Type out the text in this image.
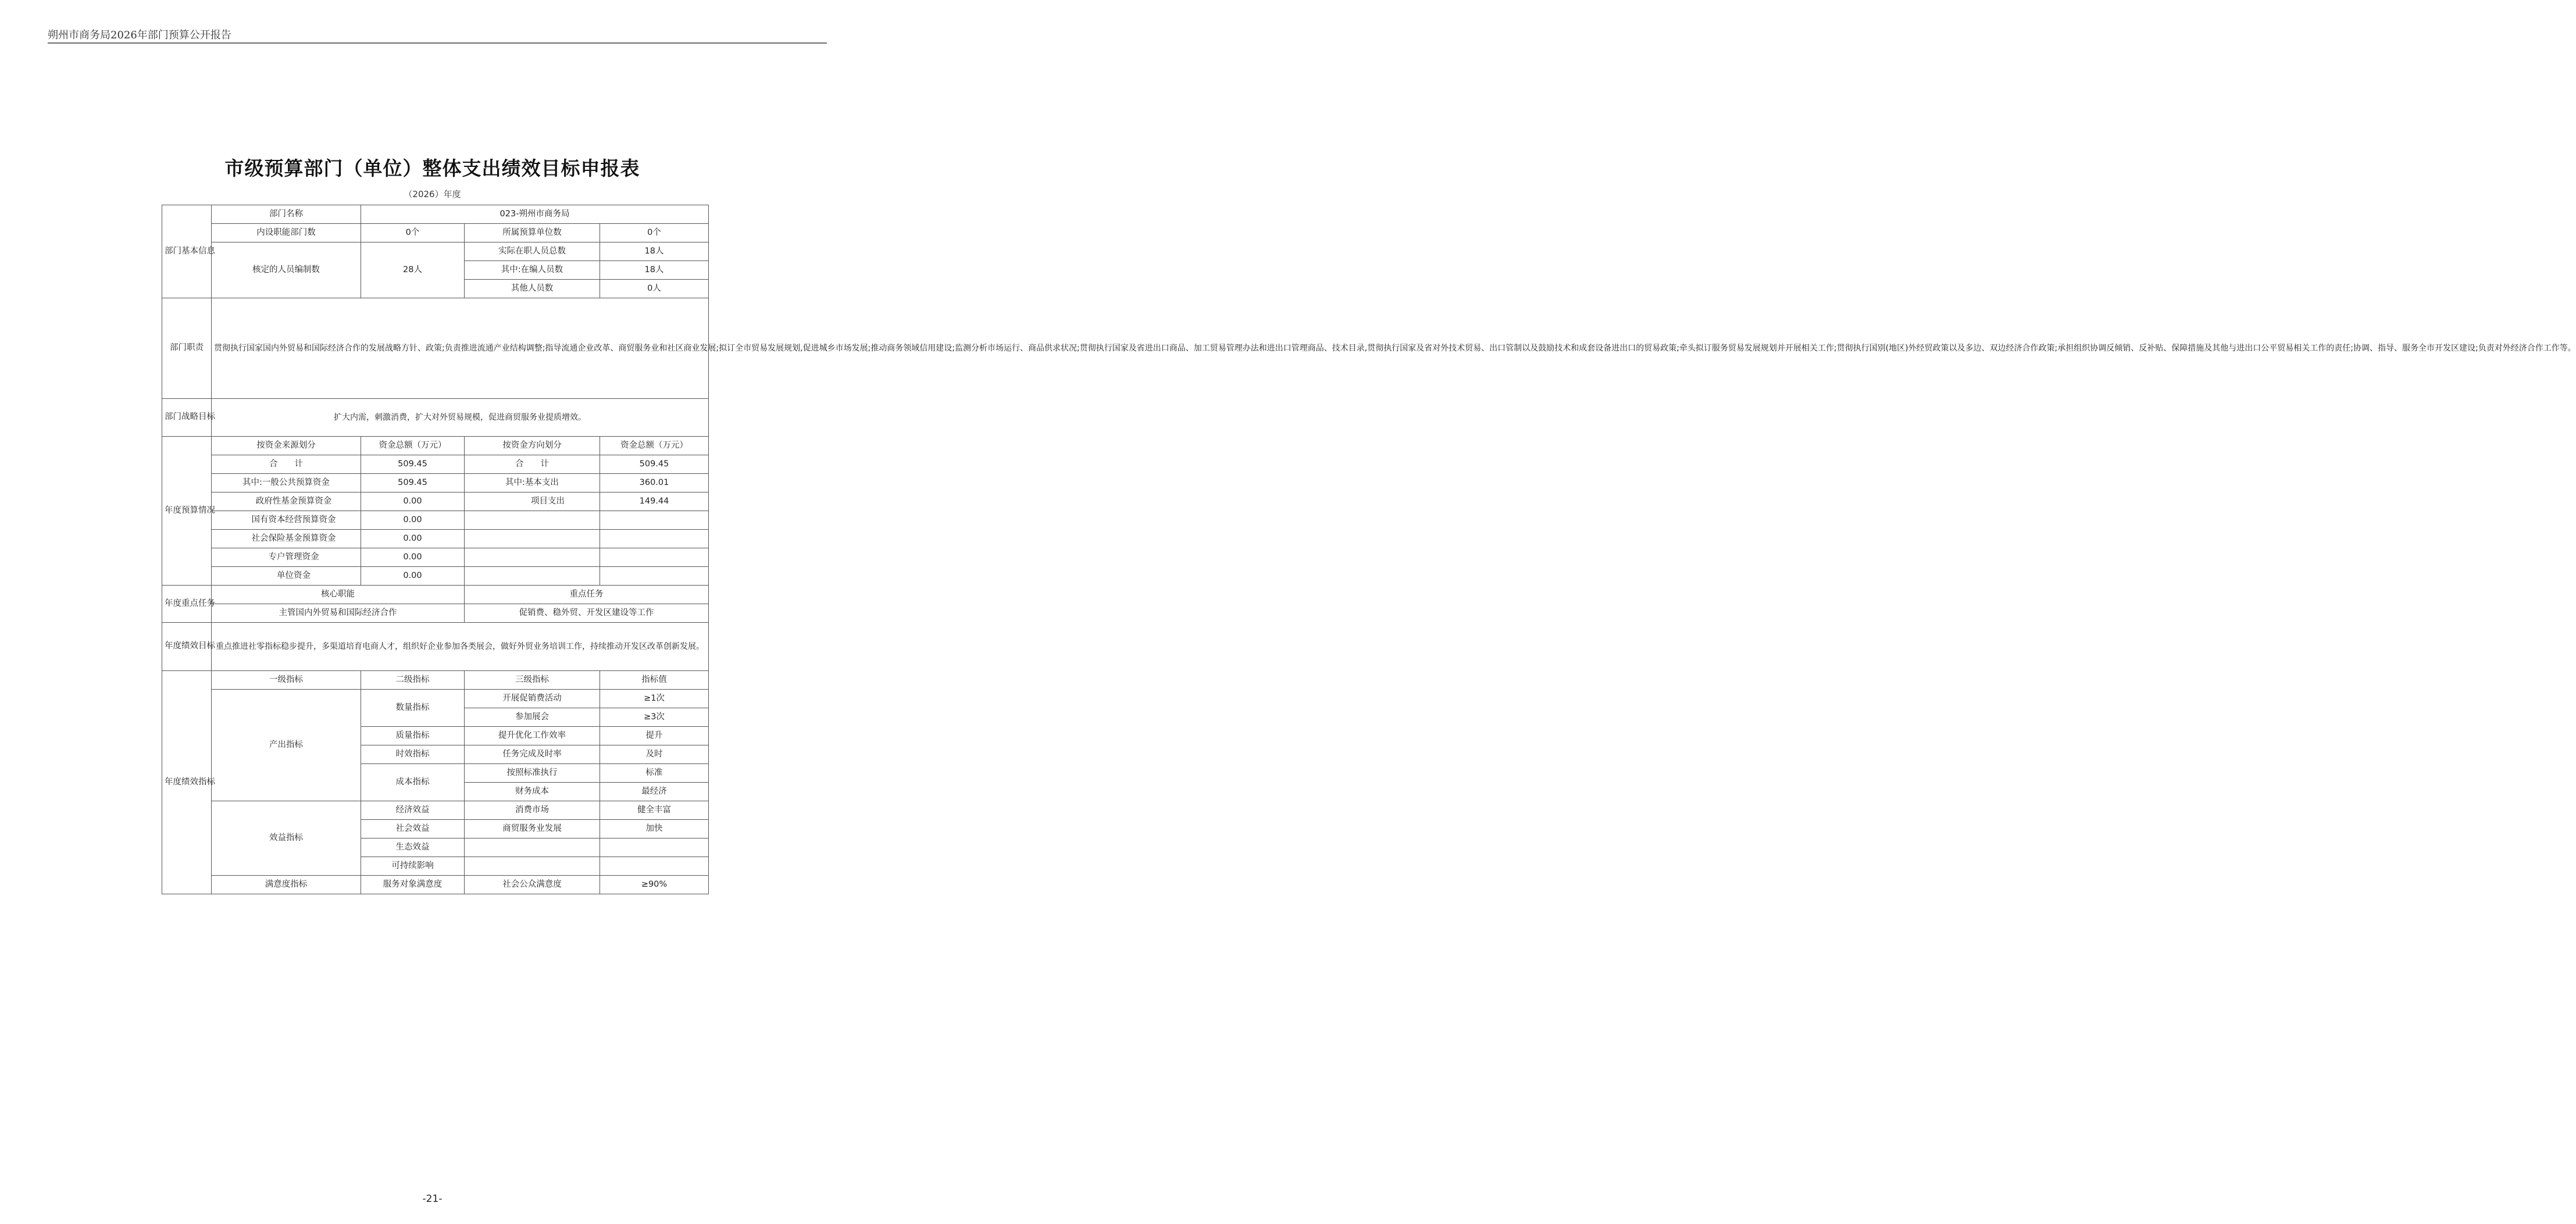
朔州市商务局2026年部门预算公开报告
市级预算部门（单位）整体支出绩效目标申报表
（2026）年度
部门基本信息	部门名称	023-朔州市商务局		
	内设职能部门数	0个	所属预算单位数	0个
	核定的人员编制数	28人	实际在职人员总数	18人
			其中:在编人员数	18人
			其他人员数	0人
部门职责	贯彻执行国家国内外贸易和国际经济合作的发展战略方针、政策;负责推进流通产业结构调整;指导流通企业改革、商贸服务业和社区商业发展;拟订全市贸易发展规划,促进城乡市场发展;推动商务领域信用建设;监测分析市场运行、商品供求状况;贯彻执行国家及省进出口商品、加工贸易管理办法和进出口管理商品、技术目录,贯彻执行国家及省对外技术贸易、出口管制以及鼓励技术和成套设备进出口的贸易政策;牵头拟订服务贸易发展规划并开展相关工作;贯彻执行国别(地区)外经贸政策以及多边、双边经济合作政策;承担组织协调反倾销、反补贴、保障措施及其他与进出口公平贸易相关工作的责任;协调、指导、服务全市开发区建设;负责对外经济合作工作等。			
部门战略目标	扩大内需，刺激消费，扩大对外贸易规模，促进商贸服务业提质增效。			
年度预算情况	按资金来源划分	资金总额（万元）	按资金方向划分	资金总额（万元）
	合　　计	509.45	合　　计	509.45
	其中:一般公共预算资金	509.45	其中:基本支出	360.01
	政府性基金预算资金	0.00	项目支出	149.44
	国有资本经营预算资金	0.00		
	社会保险基金预算资金	0.00		
	专户管理资金	0.00		
	单位资金	0.00		
年度重点任务	核心职能		重点任务	
	主管国内外贸易和国际经济合作		促销费、稳外贸、开发区建设等工作	
年度绩效目标	重点推进社零指标稳步提升，多渠道培育电商人才，组织好企业参加各类展会，做好外贸业务培训工作，持续推动开发区改革创新发展。			
年度绩效指标	一级指标	二级指标	三级指标	指标值
	产出指标	数量指标	开展促销费活动	≥1次
			参加展会	≥3次
		质量指标	提升优化工作效率	提升
		时效指标	任务完成及时率	及时
		成本指标	按照标准执行	标准
			财务成本	最经济
	效益指标	经济效益	消费市场	健全丰富
		社会效益	商贸服务业发展	加快
		生态效益		
		可持续影响		
	满意度指标	服务对象满意度	社会公众满意度	≥90%
-21-
